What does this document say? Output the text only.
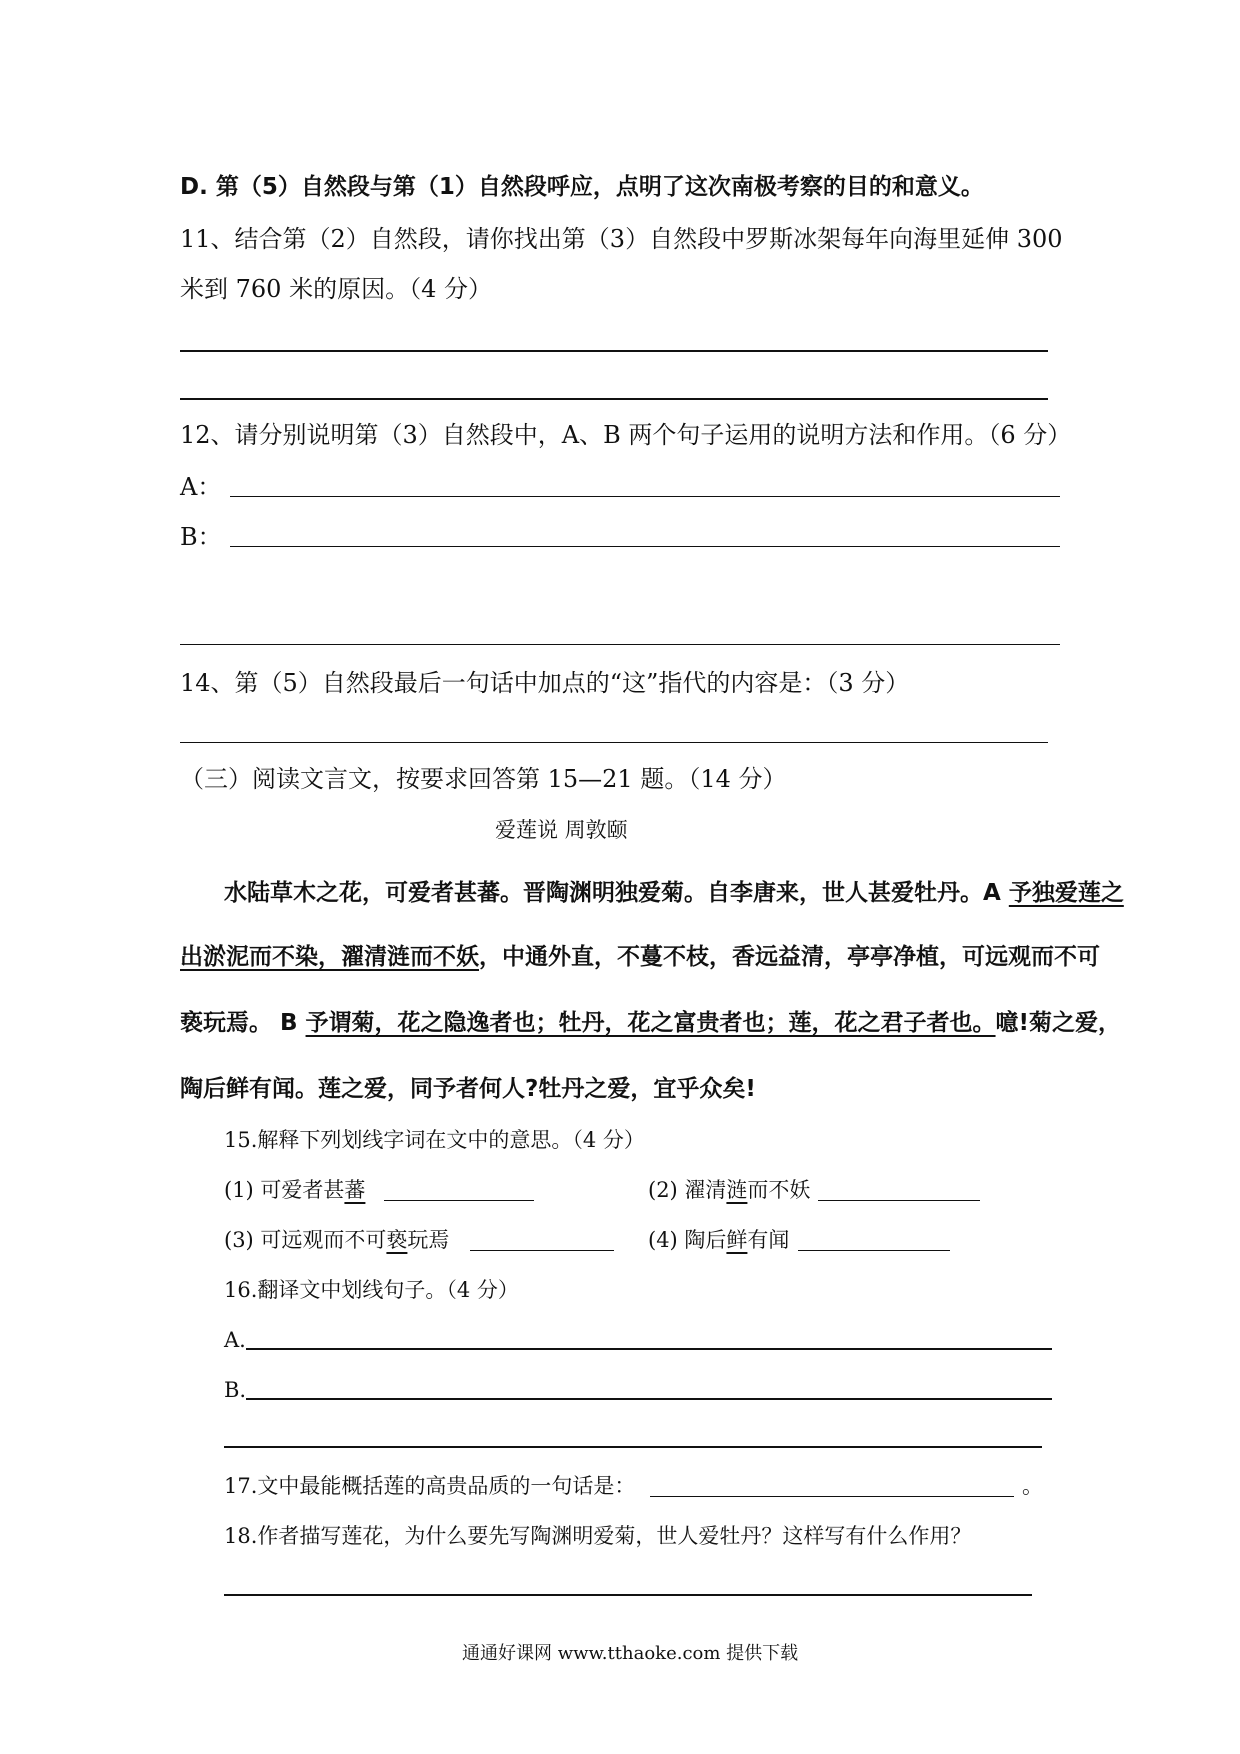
D. 第（5）自然段与第（1）自然段呼应，点明了这次南极考察的目的和意义。
11、结合第（2）自然段，请你找出第（3）自然段中罗斯冰架每年向海里延伸 300
米到 760 米的原因。（4 分）
12、请分别说明第（3）自然段中，A、B 两个句子运用的说明方法和作用。（6 分）
A：
B：
14、第（5）自然段最后一句话中加点的“这”指代的内容是：（3 分）
（三）阅读文言文，按要求回答第 15—21 题。（14 分）
爱莲说 周敦颐
水陆草木之花，可爱者甚蕃。晋陶渊明独爱菊。自李唐来，世人甚爱牡丹。A 予独爱莲之
出淤泥而不染，濯清涟而不妖，中通外直，不蔓不枝，香远益清，亭亭净植，可远观而不可
亵玩焉。 B 予谓菊，花之隐逸者也；牡丹，花之富贵者也；莲，花之君子者也。噫!菊之爱，
陶后鲜有闻。莲之爱，同予者何人?牡丹之爱，宜乎众矣!
15.解释下列划线字词在文中的意思。（4 分）
(1) 可爱者甚蕃	(2) 濯清涟而不妖
(3) 可远观而不可亵玩焉	(4) 陶后鲜有闻
16.翻译文中划线句子。（4 分）
A.
B.
17.文中最能概括莲的高贵品质的一句话是：	。
18.作者描写莲花，为什么要先写陶渊明爱菊，世人爱牡丹？这样写有什么作用？
通通好课网 www.tthaoke.com 提供下载
